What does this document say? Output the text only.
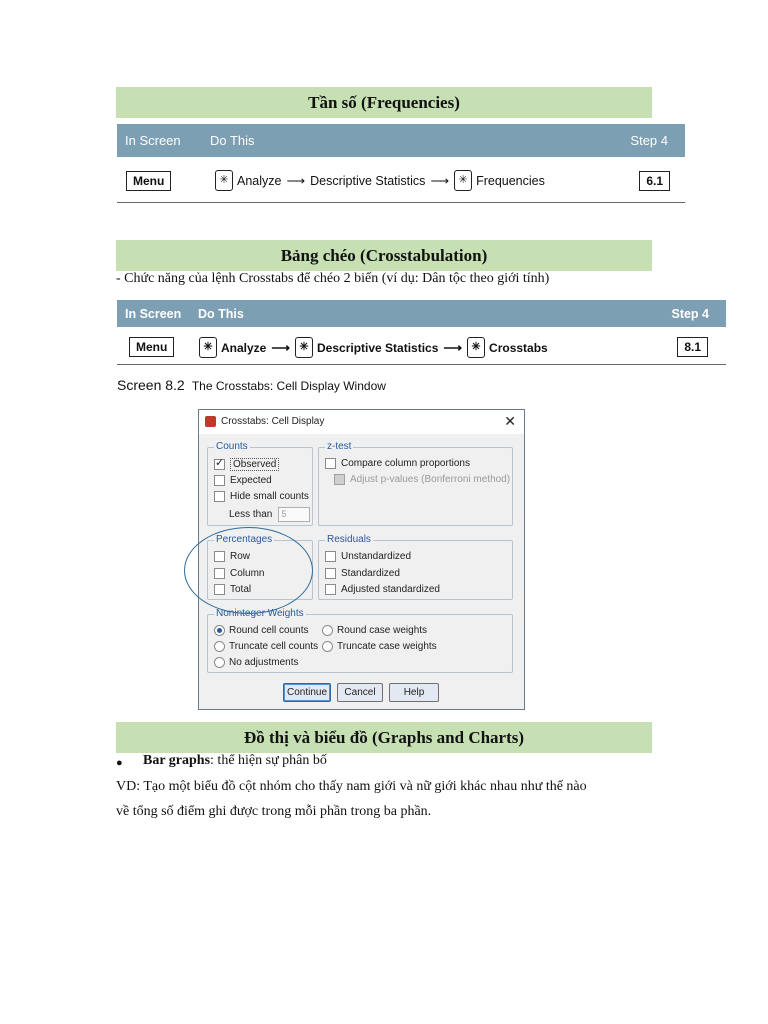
Tần số (Frequencies)
In Screen Do This	Step 4
Menu	✳ Analyze ⟶ Descriptive Statistics ⟶ ✳ Frequencies	6.1
Bảng chéo (Crosstabulation)
- Chức năng của lệnh Crosstabs để chéo 2 biến (ví dụ: Dân tộc theo giới tính)
In Screen Do This	Step 4
Menu	✳ Analyze ⟶ ✳ Descriptive Statistics ⟶ ✳ Crosstabs	8.1
Screen 8.2 The Crosstabs: Cell Display Window
Crosstabs: Cell Display	✕
Counts
✓
Observed
Expected
Hide small counts
Less than	5
z-test
Compare column proportions
Adjust p-values (Bonferroni method)
Percentages
Row
Column
Total
Residuals
Unstandardized
Standardized
Adjusted standardized
Noninteger Weights
Round cell counts	Round case weights
Truncate cell counts Truncate case weights
No adjustments
Continue	Cancel	Help
Đồ thị và biểu đồ (Graphs and Charts)
● Bar graphs: thể hiện sự phân bố
VD: Tạo một biểu đồ cột nhóm cho thấy nam giới và nữ giới khác nhau như thế nào
về tổng số điểm ghi được trong mỗi phần trong ba phần.
